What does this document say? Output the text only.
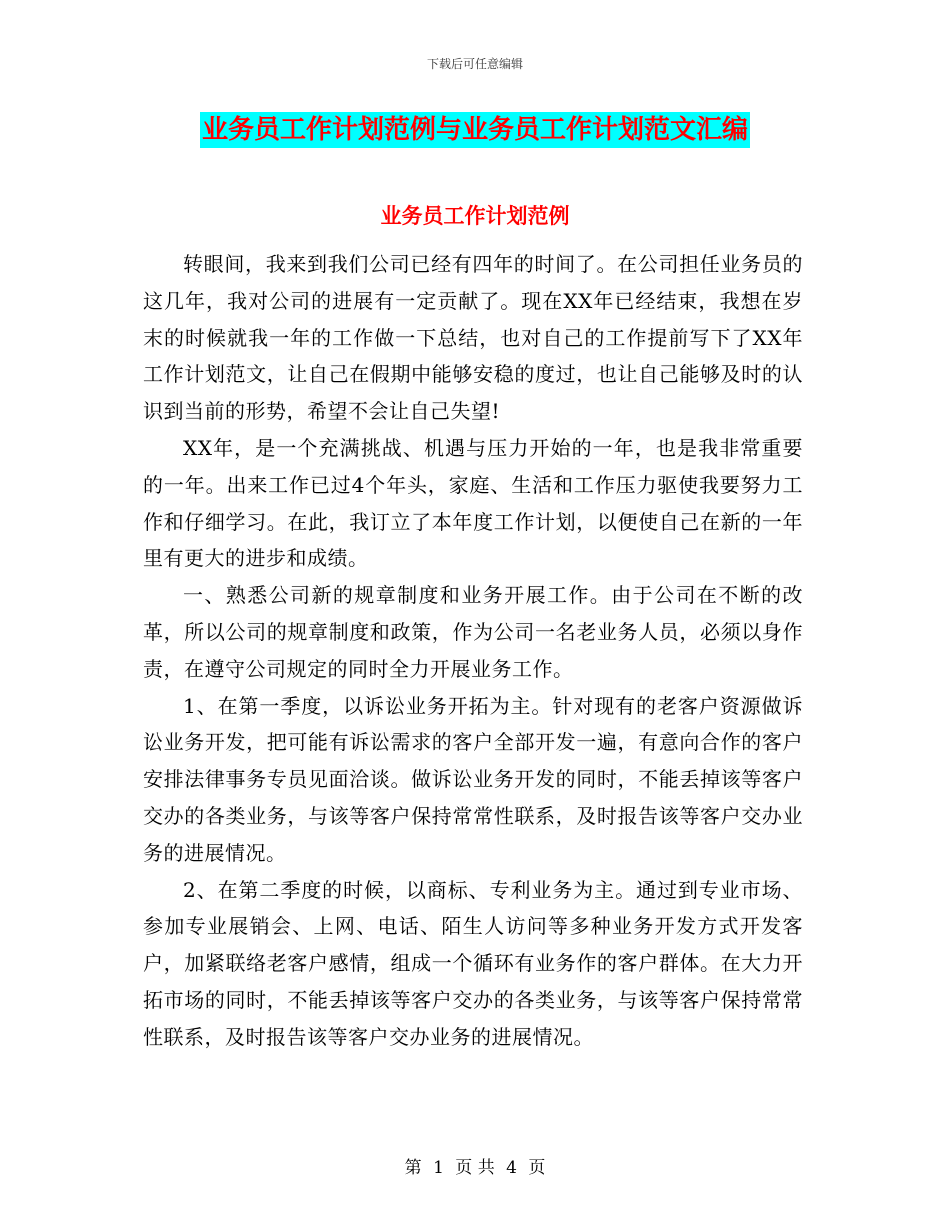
下载后可任意编辑
业务员工作计划范例与业务员工作计划范文汇编
业务员工作计划范例

转眼间，我来到我们公司已经有四年的时间了。在公司担任业务员的这几年，我对公司的进展有一定贡献了。现在XX年已经结束，我想在岁末的时候就我一年的工作做一下总结，也对自己的工作提前写下了XX年工作计划范文，让自己在假期中能够安稳的度过，也让自己能够及时的认识到当前的形势，希望不会让自己失望!

XX年，是一个充满挑战、机遇与压力开始的一年，也是我非常重要的一年。出来工作已过4个年头，家庭、生活和工作压力驱使我要努力工作和仔细学习。在此，我订立了本年度工作计划，以便使自己在新的一年里有更大的进步和成绩。

一、熟悉公司新的规章制度和业务开展工作。由于公司在不断的改革，所以公司的规章制度和政策，作为公司一名老业务人员，必须以身作责，在遵守公司规定的同时全力开展业务工作。

1、在第一季度，以诉讼业务开拓为主。针对现有的老客户资源做诉讼业务开发，把可能有诉讼需求的客户全部开发一遍，有意向合作的客户安排法律事务专员见面洽谈。做诉讼业务开发的同时，不能丢掉该等客户交办的各类业务，与该等客户保持常常性联系，及时报告该等客户交办业务的进展情况。

2、在第二季度的时候，以商标、专利业务为主。通过到专业市场、参加专业展销会、上网、电话、陌生人访问等多种业务开发方式开发客户，加紧联络老客户感情，组成一个循环有业务作的客户群体。在大力开拓市场的同时，不能丢掉该等客户交办的各类业务，与该等客户保持常常性联系，及时报告该等客户交办业务的进展情况。

第 1 页 共 4 页
